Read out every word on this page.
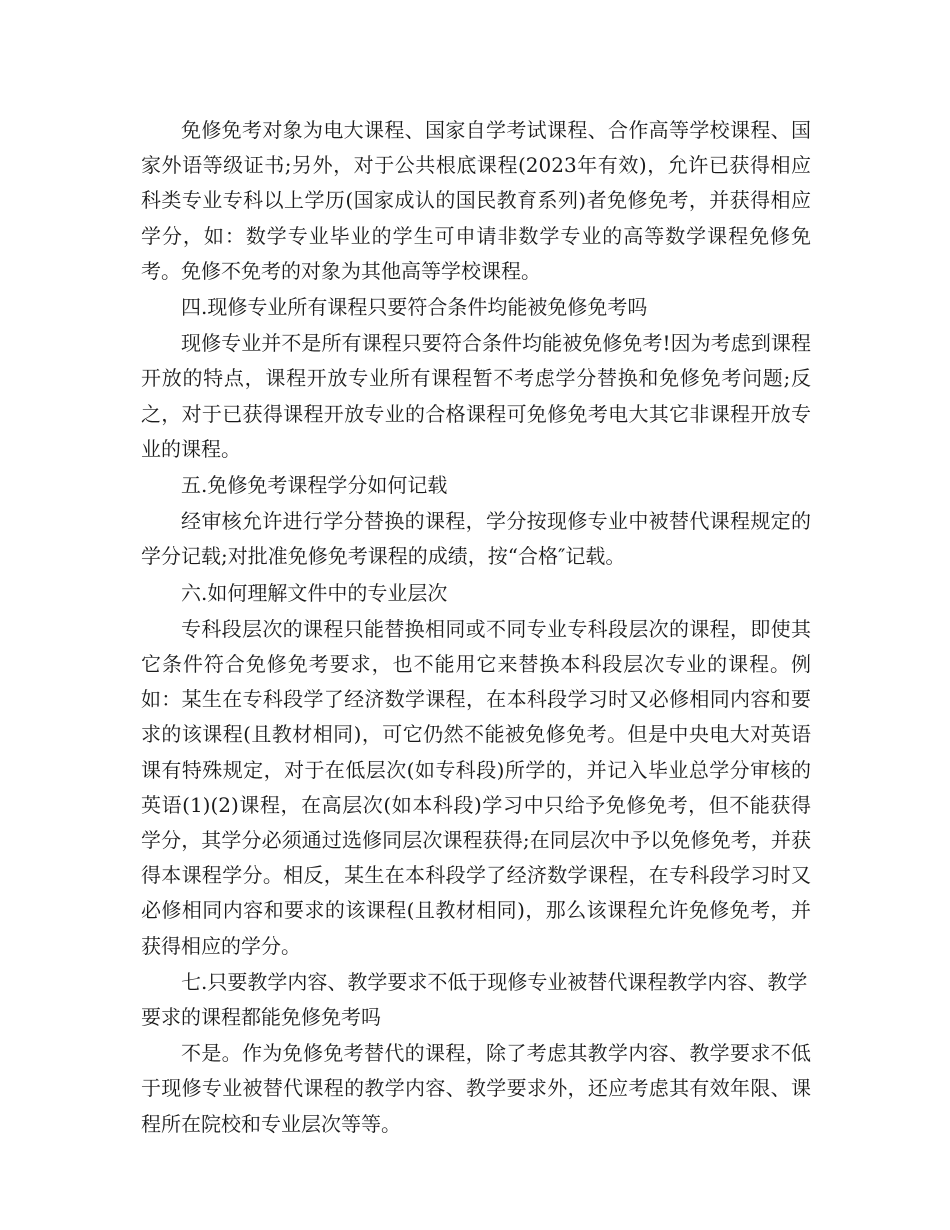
免修免考对象为电大课程、国家自学考试课程、合作高等学校课程、国家外语等级证书;另外，对于公共根底课程(2023年有效)，允许已获得相应科类专业专科以上学历(国家成认的国民教育系列)者免修免考，并获得相应学分，如：数学专业毕业的学生可申请非数学专业的高等数学课程免修免考。免修不免考的对象为其他高等学校课程。

四.现修专业所有课程只要符合条件均能被免修免考吗

现修专业并不是所有课程只要符合条件均能被免修免考!因为考虑到课程开放的特点，课程开放专业所有课程暂不考虑学分替换和免修免考问题;反之，对于已获得课程开放专业的合格课程可免修免考电大其它非课程开放专业的课程。

五.免修免考课程学分如何记载

经审核允许进行学分替换的课程，学分按现修专业中被替代课程规定的学分记载;对批准免修免考课程的成绩，按“合格″记载。

六.如何理解文件中的专业层次

专科段层次的课程只能替换相同或不同专业专科段层次的课程，即使其它条件符合免修免考要求，也不能用它来替换本科段层次专业的课程。例如：某生在专科段学了经济数学课程，在本科段学习时又必修相同内容和要求的该课程(且教材相同)，可它仍然不能被免修免考。但是中央电大对英语课有特殊规定，对于在低层次(如专科段)所学的，并记入毕业总学分审核的英语(1)(2)课程，在高层次(如本科段)学习中只给予免修免考，但不能获得学分，其学分必须通过选修同层次课程获得;在同层次中予以免修免考，并获得本课程学分。相反，某生在本科段学了经济数学课程，在专科段学习时又必修相同内容和要求的该课程(且教材相同)，那么该课程允许免修免考，并获得相应的学分。

七.只要教学内容、教学要求不低于现修专业被替代课程教学内容、教学要求的课程都能免修免考吗

不是。作为免修免考替代的课程，除了考虑其教学内容、教学要求不低于现修专业被替代课程的教学内容、教学要求外，还应考虑其有效年限、课程所在院校和专业层次等等。
